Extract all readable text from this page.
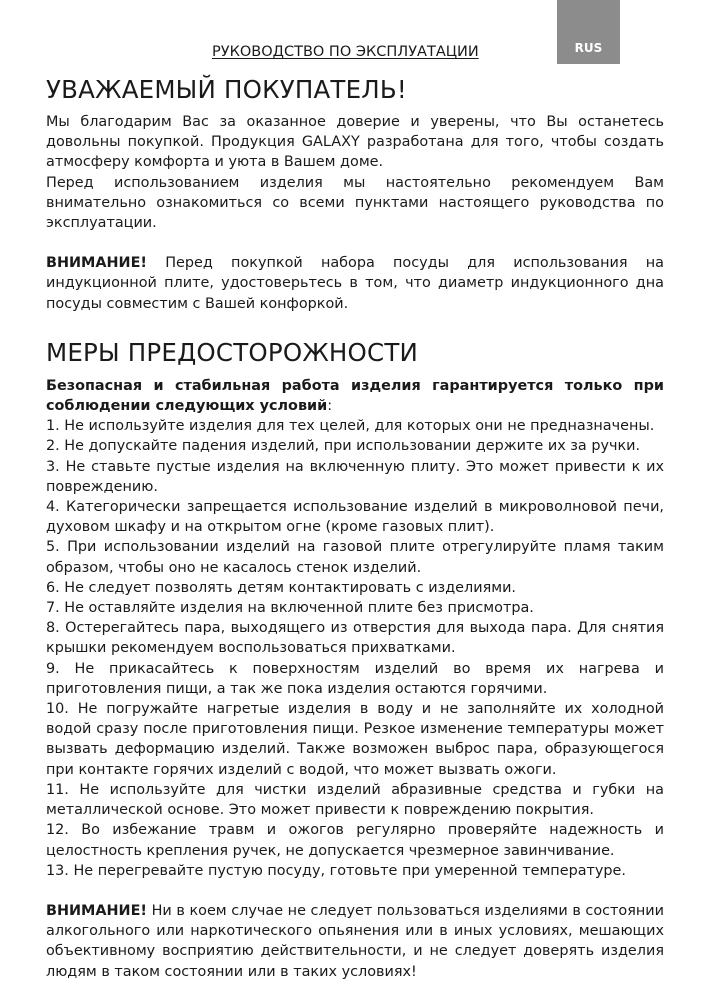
RUS
РУКОВОДСТВО ПО ЭКСПЛУАТАЦИИ
УВАЖАЕМЫЙ ПОКУПАТЕЛЬ!

Мы благодарим Вас за оказанное доверие и уверены, что Вы останетесь довольны покупкой. Продукция GALAXY разработана для того, чтобы создать атмосферу комфорта и уюта в Вашем доме.

Перед использованием изделия мы настоятельно рекомендуем Вам внимательно ознакомиться со всеми пунктами настоящего руководства по эксплуатации.

ВНИМАНИЕ! Перед покупкой набора посуды для использования на индукционной плите, удостоверьтесь в том, что диаметр индукционного дна посуды совместим с Вашей конфоркой.

МЕРЫ ПРЕДОСТОРОЖНОСТИ

Безопасная и стабильная работа изделия гарантируется только при соблюдении следующих условий:

1. Не используйте изделия для тех целей, для которых они не предназначены.
2. Не допускайте падения изделий, при использовании держите их за ручки.
3. Не ставьте пустые изделия на включенную плиту. Это может привести к их повреждению.
4. Категорически запрещается использование изделий в микроволновой печи, духовом шкафу и на открытом огне (кроме газовых плит).
5. При использовании изделий на газовой плите отрегулируйте пламя таким образом, чтобы оно не касалось стенок изделий.
6. Не следует позволять детям контактировать с изделиями.
7. Не оставляйте изделия на включенной плите без присмотра.
8. Остерегайтесь пара, выходящего из отверстия для выхода пара. Для снятия крышки рекомендуем воспользоваться прихватками.
9. Не прикасайтесь к поверхностям изделий во время их нагрева и приготовления пищи, а так же пока изделия остаются горячими.
10. Не погружайте нагретые изделия в воду и не заполняйте их холодной водой сразу после приготовления пищи. Резкое изменение температуры может вызвать деформацию изделий. Также возможен выброс пара, образующегося при контакте горячих изделий с водой, что может вызвать ожоги.
11. Не используйте для чистки изделий абразивные средства и губки на металлической основе. Это может привести к повреждению покрытия.
12. Во избежание травм и ожогов регулярно проверяйте надежность и целостность крепления ручек, не допускается чрезмерное завинчивание.
13. Не перегревайте пустую посуду, готовьте при умеренной температуре.

ВНИМАНИЕ! Ни в коем случае не следует пользоваться изделиями в состоянии алкогольного или наркотического опьянения или в иных условиях, мешающих объективному восприятию действительности, и не следует доверять изделия людям в таком состоянии или в таких условиях!
